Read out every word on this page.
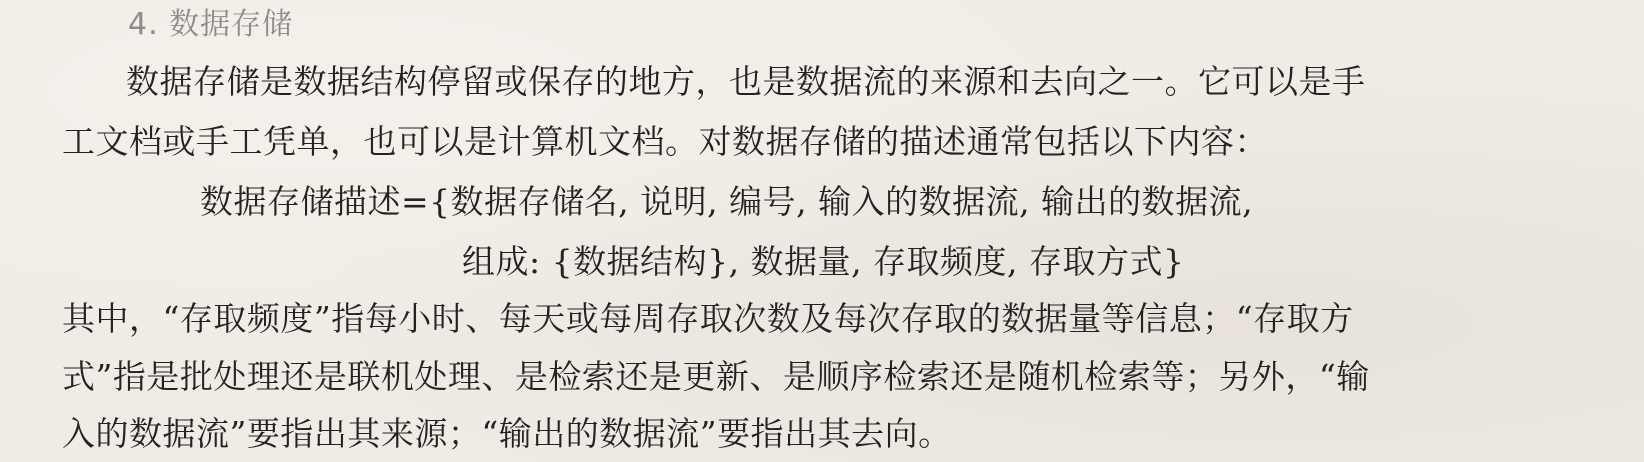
4. 数据存储
数据存储是数据结构停留或保存的地方，也是数据流的来源和去向之一。它可以是手
工文档或手工凭单，也可以是计算机文档。对数据存储的描述通常包括以下内容：
数据存储描述={数据存储名, 说明, 编号, 输入的数据流, 输出的数据流,
组成: {数据结构}, 数据量, 存取频度, 存取方式}
其中，“存取频度”指每小时、每天或每周存取次数及每次存取的数据量等信息；“存取方
式”指是批处理还是联机处理、是检索还是更新、是顺序检索还是随机检索等；另外，“输
入的数据流”要指出其来源；“输出的数据流”要指出其去向。
